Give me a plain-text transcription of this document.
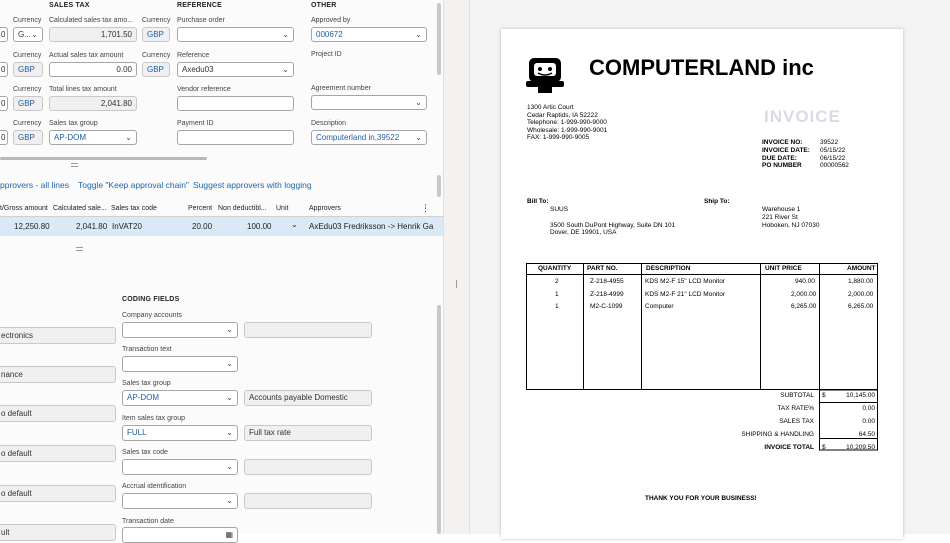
SALES TAX
0
Currency
G... ⌄
Calculated sales tax amo...
1,701.50
Currency
GBP
0
Currency
GBP
Actual sales tax amount
0.00
Currency
GBP
0
Currency
GBP
Total lines tax amount
2,041.80
0
Currency
GBP
Sales tax group
AP-DOM	⌄
REFERENCE
Purchase order
⌄
Reference
Axedu03	⌄
Vendor reference
Payment ID
OTHER
Approved by
000672	⌄
Project ID
Agreement number
⌄
Description
Computerland in,39522 ⌄
pprovers - all lines Toggle "Keep approval chain" Suggest approvers with logging
t/Gross amount Calculated sale... Sales tax code	Percent Non deductibl... Unit	Approvers	⋮
12,250.80	2,041.80 InVAT20	20.00	100.00 ⌄ AxEdu03 Fredriksson -> Henrik Ga
ectronics
nance
o default
o default
o default
ult
CODING FIELDS
Company accounts
⌄
Transaction text
⌄
Sales tax group
AP-DOM	⌄	Accounts payable Domestic
Item sales tax group
FULL	⌄	Full tax rate
Sales tax code
⌄
Accrual identification
⌄
Transaction date
▦
COMPUTERLAND inc
1300 Artic Court
Cedar Raptids, IA 52222
Telephone: 1-999-990-9000
Wholesale: 1-999-990-9001
FAX: 1-999-990-9005
INVOICE
INVOICE NO:	39522
INVOICE DATE: 05/15/22
DUE DATE:	06/15/22
PO NUMBER	00000562
Bill To:
SUUS
3500 South DuPont Highway, Suite DN 101
Dover, DE 19901, USA
Ship To:
Warehouse 1
221 River St
Hoboken, NJ 07030
QUANTITY PART NO.	DESCRIPTION	UNIT PRICE	AMOUNT
2	Z-218-4955	KDS M2-F 15" LCD Monitor	940.00	1,880.00
1	Z-218-4999	KDS M2-F 21" LCD Monitor	2,000.00	2,000.00
1	M2-C-1099	Computer	6,265.00	6,265.00
SUBTOTAL $	10,145.00
TAX RATE%	0.00
SALES TAX	0.00
SHIPPING & HANDLING	64.50
INVOICE TOTAL $	10,209.50
THANK YOU FOR YOUR BUSINESS!
